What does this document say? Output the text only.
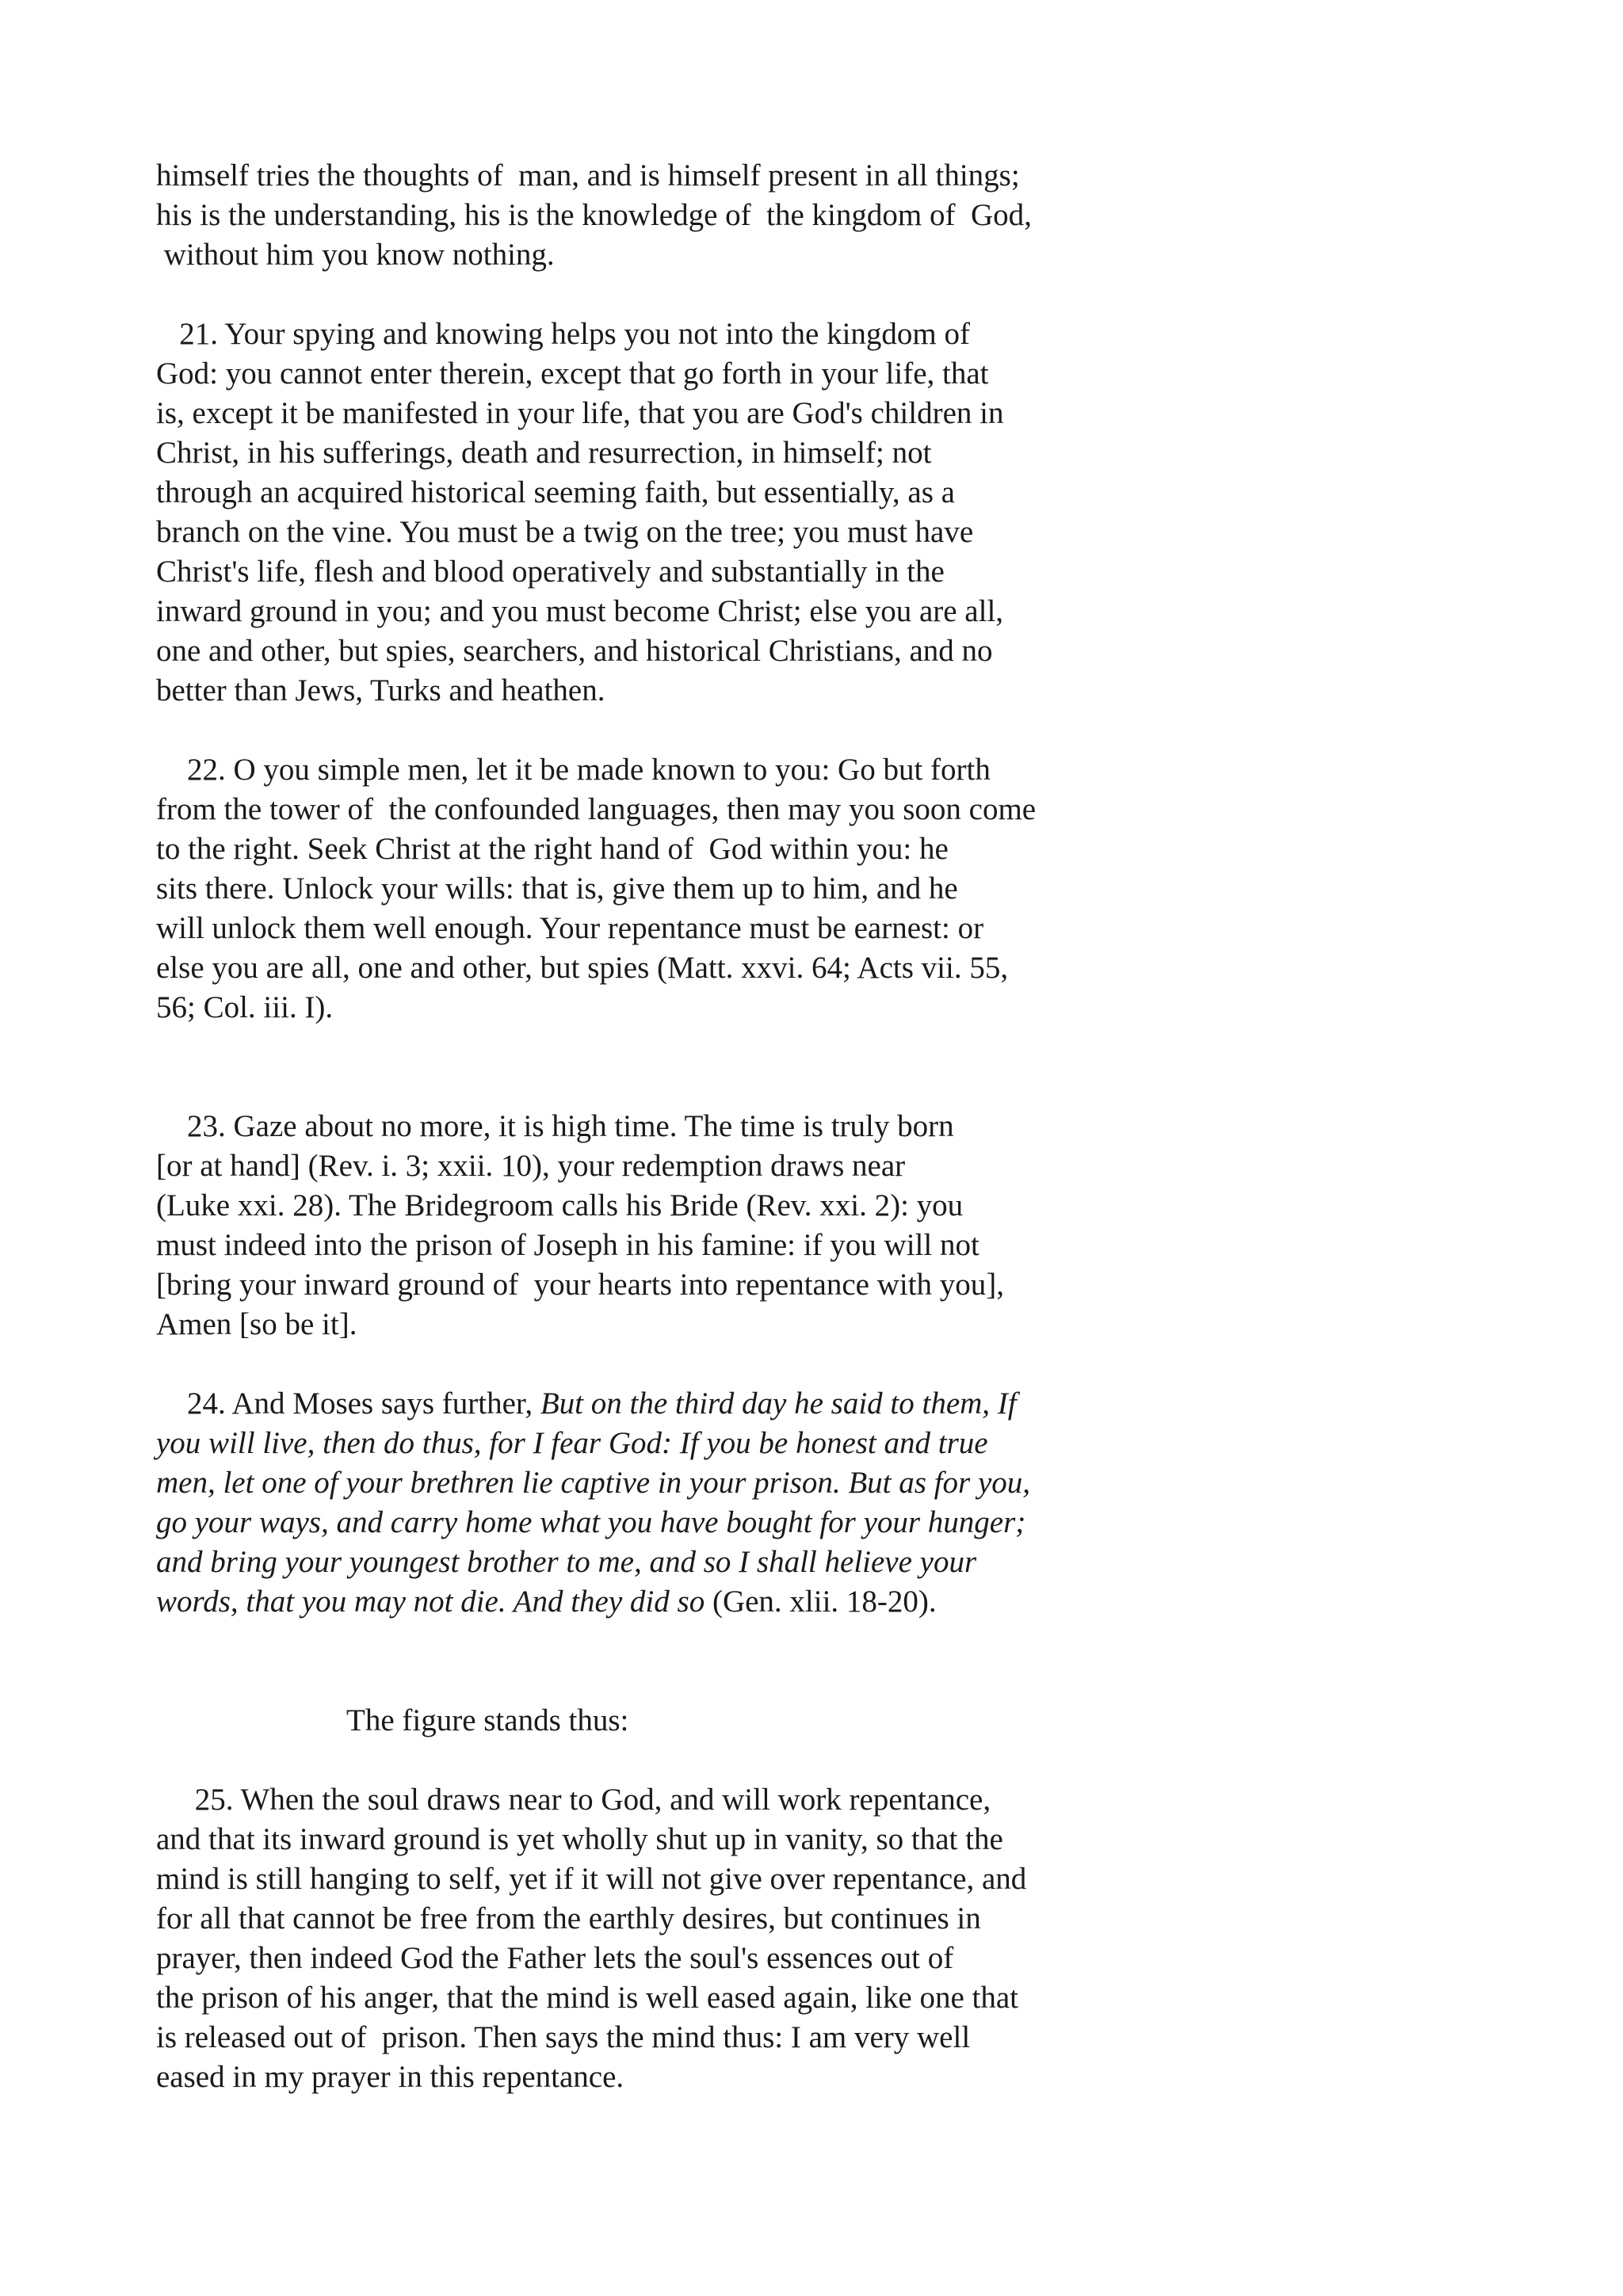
himself tries the thoughts of  man, and is himself present in all things;
his is the understanding, his is the knowledge of  the kingdom of  God,
without him you know nothing.
21. Your spying and knowing helps you not into the kingdom of
God: you cannot enter therein, except that go forth in your life, that
is, except it be manifested in your life, that you are God's children in
Christ, in his sufferings, death and resurrection, in himself; not
through an acquired historical seeming faith, but essentially, as a
branch on the vine. You must be a twig on the tree; you must have
Christ's life, flesh and blood operatively and substantially in the
inward ground in you; and you must become Christ; else you are all,
one and other, but spies, searchers, and historical Christians, and no
better than Jews, Turks and heathen.
22. O you simple men, let it be made known to you: Go but forth
from the tower of  the confounded languages, then may you soon come
to the right. Seek Christ at the right hand of  God within you: he
sits there. Unlock your wills: that is, give them up to him, and he
will unlock them well enough. Your repentance must be earnest: or
else you are all, one and other, but spies (Matt. xxvi. 64; Acts vii. 55,
56; Col. iii. I).
23. Gaze about no more, it is high time. The time is truly born
[or at hand] (Rev. i. 3; xxii. 10), your redemption draws near
(Luke xxi. 28). The Bridegroom calls his Bride (Rev. xxi. 2): you
must indeed into the prison of Joseph in his famine: if you will not
[bring your inward ground of  your hearts into repentance with you],
Amen [so be it].
24. And Moses says further, But on the third day he said to them, If
you will live, then do thus, for I fear God: If you be honest and true
men, let one of your brethren lie captive in your prison. But as for you,
go your ways, and carry home what you have bought for your hunger;
and bring your youngest brother to me, and so I shall helieve your
words, that you may not die. And they did so (Gen. xlii. 18-20).
The figure stands thus:
25. When the soul draws near to God, and will work repentance,
and that its inward ground is yet wholly shut up in vanity, so that the
mind is still hanging to self, yet if it will not give over repentance, and
for all that cannot be free from the earthly desires, but continues in
prayer, then indeed God the Father lets the soul's essences out of
the prison of his anger, that the mind is well eased again, like one that
is released out of  prison. Then says the mind thus: I am very well
eased in my prayer in this repentance.
